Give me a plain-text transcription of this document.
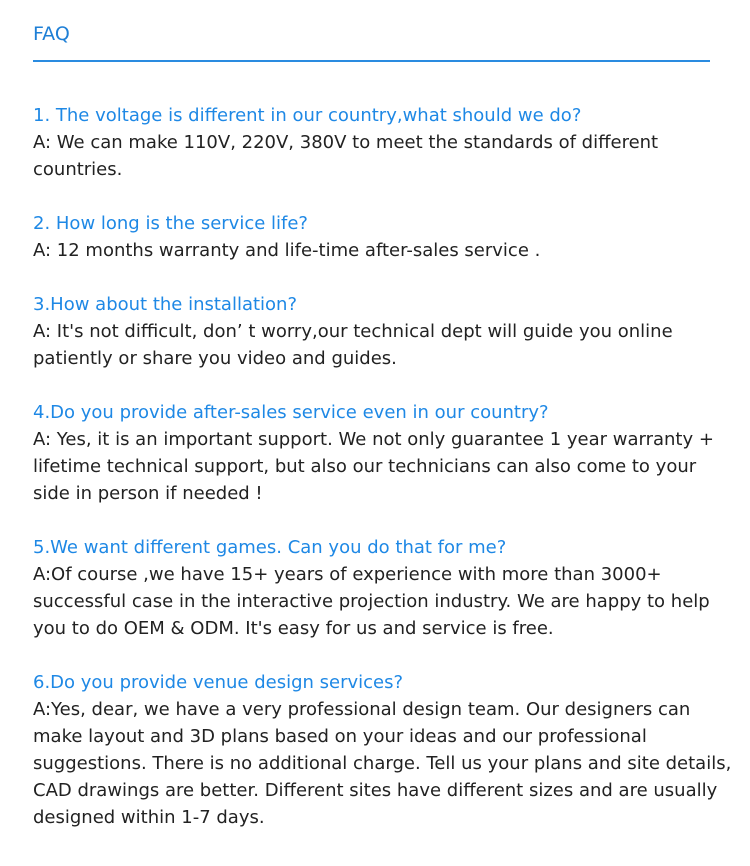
FAQ

1. The voltage is different in our country,what should we do?

A: We can make 110V, 220V, 380V to meet the standards of different countries.

2. How long is the service life?

A: 12 months warranty and life-time after-sales service .

3.How about the installation?

A: It's not difficult, don’ t worry,our technical dept will guide you online patiently or share you video and guides.

4.Do you provide after-sales service even in our country?

A: Yes, it is an important support. We not only guarantee 1 year warranty + lifetime technical support, but also our technicians can also come to your side in person if needed !

5.We want different games. Can you do that for me?

A:Of course ,we have 15+ years of experience with more than 3000+ successful case in the interactive projection industry. We are happy to help you to do OEM & ODM. It's easy for us and service is free.

6.Do you provide venue design services?

A:Yes, dear, we have a very professional design team. Our designers can make layout and 3D plans based on your ideas and our professional suggestions. There is no additional charge. Tell us your plans and site details, CAD drawings are better. Different sites have different sizes and are usually designed within 1-7 days.
